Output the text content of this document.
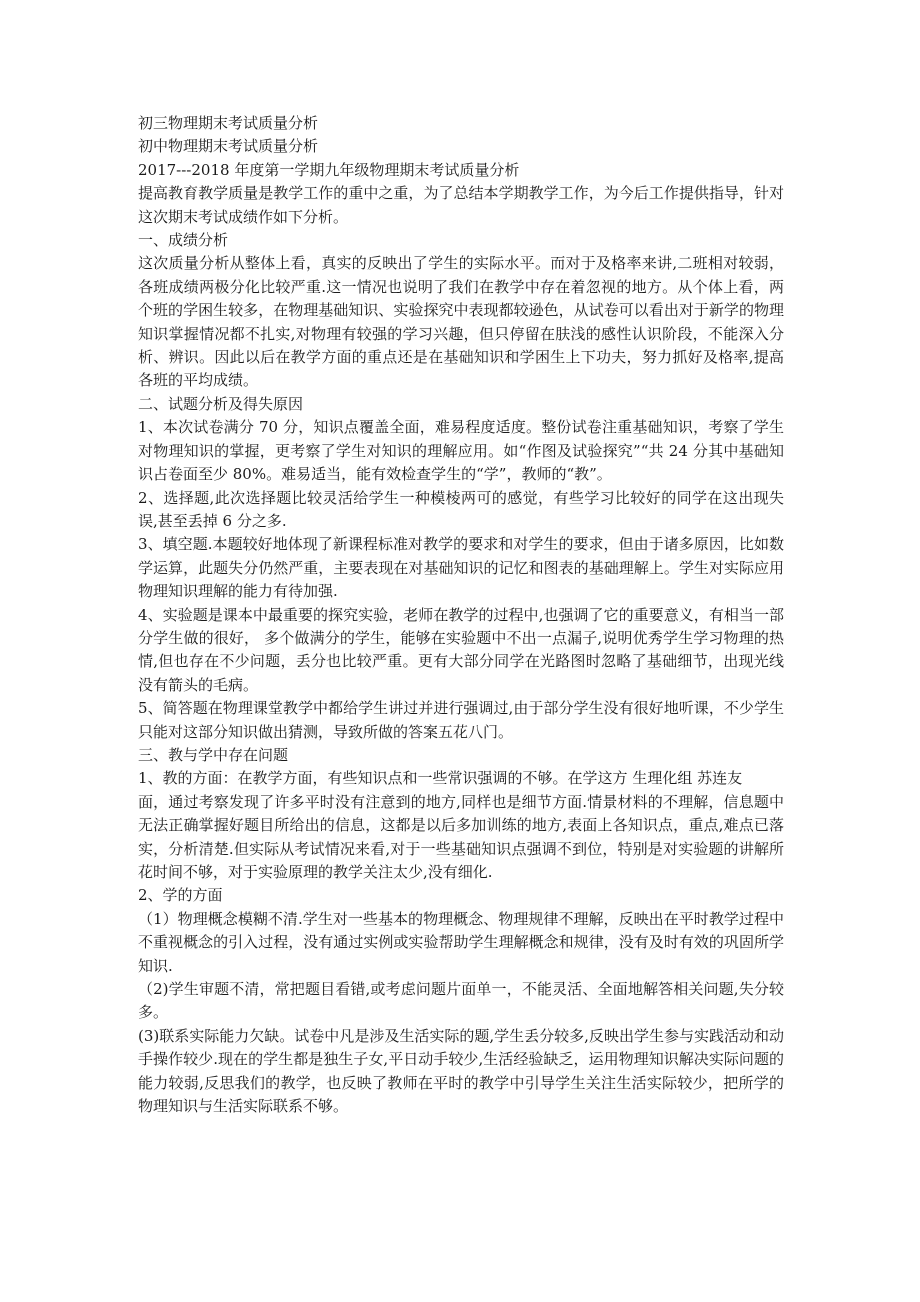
初三物理期末考试质量分析

初中物理期末考试质量分析

2017---2018 年度第一学期九年级物理期末考试质量分析

提高教育教学质量是教学工作的重中之重，为了总结本学期教学工作，为今后工作提供指导，针对这次期末考试成绩作如下分析。

一、成绩分析

这次质量分析从整体上看，真实的反映出了学生的实际水平。而对于及格率来讲,二班相对较弱，各班成绩两极分化比较严重.这一情况也说明了我们在教学中存在着忽视的地方。从个体上看，两个班的学困生较多，在物理基础知识、实验探究中表现都较逊色，从试卷可以看出对于新学的物理知识掌握情况都不扎实,对物理有较强的学习兴趣，但只停留在肤浅的感性认识阶段，不能深入分析、辨识。因此以后在教学方面的重点还是在基础知识和学困生上下功夫，努力抓好及格率,提高各班的平均成绩。

二、试题分析及得失原因

1、本次试卷满分 70 分，知识点覆盖全面，难易程度适度。整份试卷注重基础知识，考察了学生对物理知识的掌握，更考察了学生对知识的理解应用。如“作图及试验探究”“共 24 分其中基础知识占卷面至少 80%。难易适当，能有效检查学生的“学”，教师的“教”。

2、选择题,此次选择题比较灵活给学生一种模棱两可的感觉，有些学习比较好的同学在这出现失误,甚至丢掉 6 分之多.

3、填空题.本题较好地体现了新课程标准对教学的要求和对学生的要求，但由于诸多原因，比如数学运算，此题失分仍然严重，主要表现在对基础知识的记忆和图表的基础理解上。学生对实际应用物理知识理解的能力有待加强.

4、实验题是课本中最重要的探究实验，老师在教学的过程中,也强调了它的重要意义，有相当一部分学生做的很好， 多个做满分的学生，能够在实验题中不出一点漏子,说明优秀学生学习物理的热情,但也存在不少问题，丢分也比较严重。更有大部分同学在光路图时忽略了基础细节，出现光线没有箭头的毛病。

5、简答题在物理课堂教学中都给学生讲过并进行强调过,由于部分学生没有很好地听课，不少学生只能对这部分知识做出猜测，导致所做的答案五花八门。

三、教与学中存在问题

1、教的方面：在教学方面，有些知识点和一些常识强调的不够。在学这方 生理化组 苏连友

面，通过考察发现了许多平时没有注意到的地方,同样也是细节方面.情景材料的不理解，信息题中无法正确掌握好题目所给出的信息，这都是以后多加训练的地方,表面上各知识点，重点,难点已落实，分析清楚.但实际从考试情况来看,对于一些基础知识点强调不到位，特别是对实验题的讲解所花时间不够，对于实验原理的教学关注太少,没有细化.

2、学的方面

（1）物理概念模糊不清.学生对一些基本的物理概念、物理规律不理解，反映出在平时教学过程中不重视概念的引入过程，没有通过实例或实验帮助学生理解概念和规律，没有及时有效的巩固所学知识.

（2)学生审题不清，常把题目看错,或考虑问题片面单一，不能灵活、全面地解答相关问题,失分较多。

(3)联系实际能力欠缺。试卷中凡是涉及生活实际的题,学生丢分较多,反映出学生参与实践活动和动手操作较少.现在的学生都是独生子女,平日动手较少,生活经验缺乏，运用物理知识解决实际问题的能力较弱,反思我们的教学，也反映了教师在平时的教学中引导学生关注生活实际较少，把所学的物理知识与生活实际联系不够。
